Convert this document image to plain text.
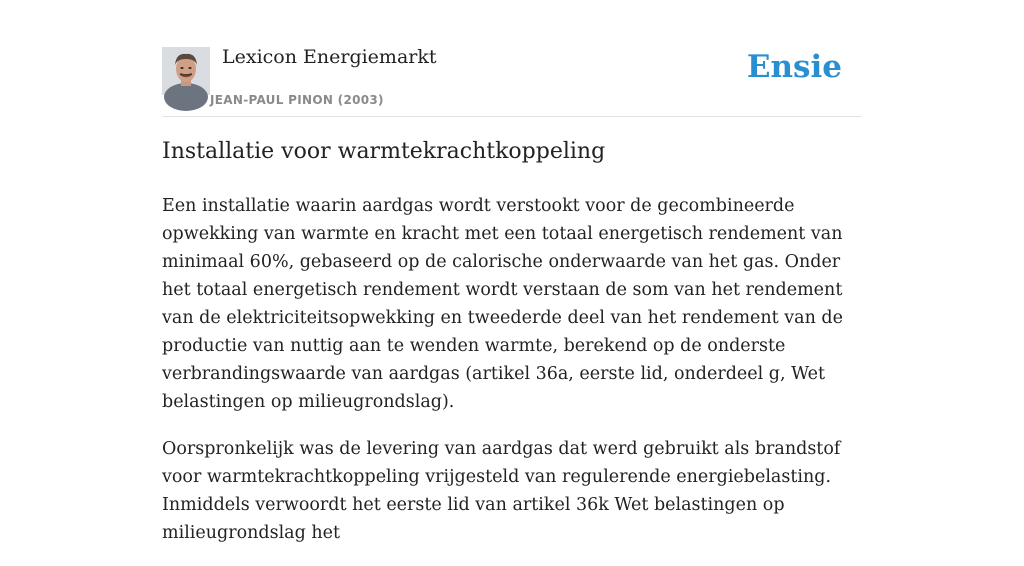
Lexicon Energiemarkt
JEAN-PAUL PINON (2003)
Ensie
Installatie voor warmtekrachtkoppeling

Een installatie waarin aardgas wordt verstookt voor de gecombineerde opwekking van warmte en kracht met een totaal energetisch rendement van minimaal 60%, gebaseerd op de calorische onderwaarde van het gas. Onder het totaal energetisch rendement wordt verstaan de som van het rendement van de elektriciteitsopwekking en tweederde deel van het rendement van de productie van nuttig aan te wenden warmte, berekend op de onderste verbrandingswaarde van aardgas (artikel 36a, eerste lid, onderdeel g, Wet belastingen op milieugrondslag).

Oorspronkelijk was de levering van aardgas dat werd gebruikt als brandstof voor warmtekrachtkoppeling vrijgesteld van regulerende energiebelasting. Inmiddels verwoordt het eerste lid van artikel 36k Wet belastingen op milieugrondslag het
